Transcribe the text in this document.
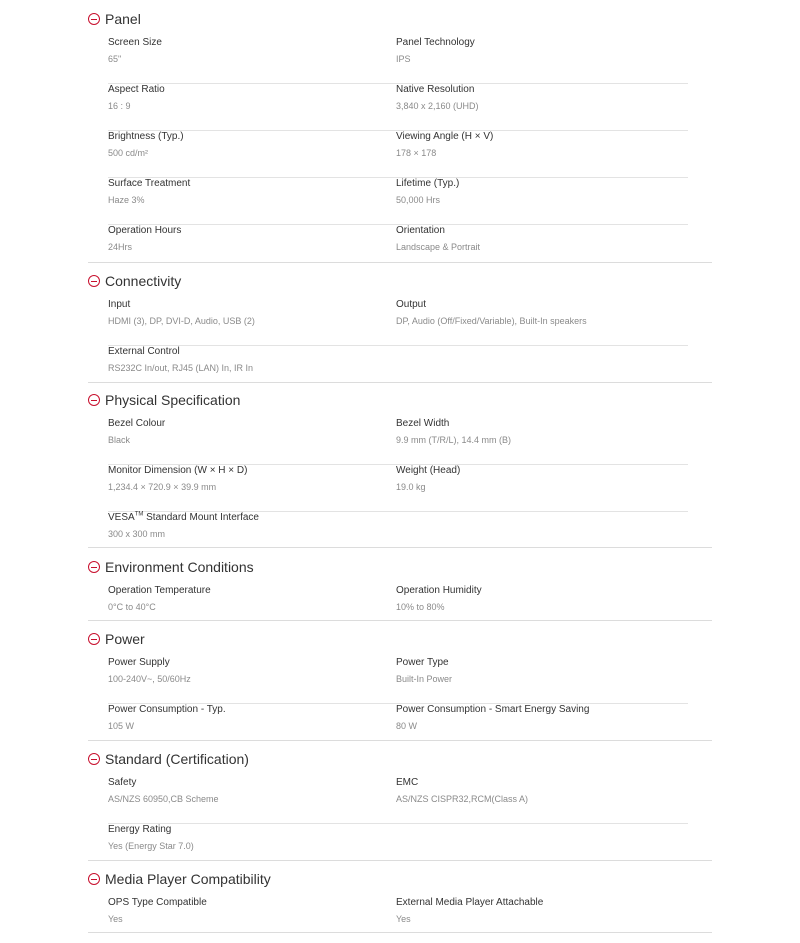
Panel
Screen Size
65"
Panel Technology
IPS
Aspect Ratio
16 : 9
Native Resolution
3,840 x 2,160 (UHD)
Brightness (Typ.)
500 cd/m²
Viewing Angle (H × V)
178 × 178
Surface Treatment
Haze 3%
Lifetime (Typ.)
50,000 Hrs
Operation Hours
24Hrs
Orientation
Landscape & Portrait
Connectivity
Input
HDMI (3), DP, DVI-D, Audio, USB (2)
Output
DP, Audio (Off/Fixed/Variable), Built-In speakers
External Control
RS232C In/out, RJ45 (LAN) In, IR In
Physical Specification
Bezel Colour
Black
Bezel Width
9.9 mm (T/R/L), 14.4 mm (B)
Monitor Dimension (W × H × D)
1,234.4 × 720.9 × 39.9 mm
Weight (Head)
19.0 kg
VESA™ Standard Mount Interface
300 x 300 mm
Environment Conditions
Operation Temperature
0°C to 40°C
Operation Humidity
10% to 80%
Power
Power Supply
100-240V~, 50/60Hz
Power Type
Built-In Power
Power Consumption - Typ.
105 W
Power Consumption - Smart Energy Saving
80 W
Standard (Certification)
Safety
AS/NZS 60950,CB Scheme
EMC
AS/NZS CISPR32,RCM(Class A)
Energy Rating
Yes (Energy Star 7.0)
Media Player Compatibility
OPS Type Compatible
Yes
External Media Player Attachable
Yes
